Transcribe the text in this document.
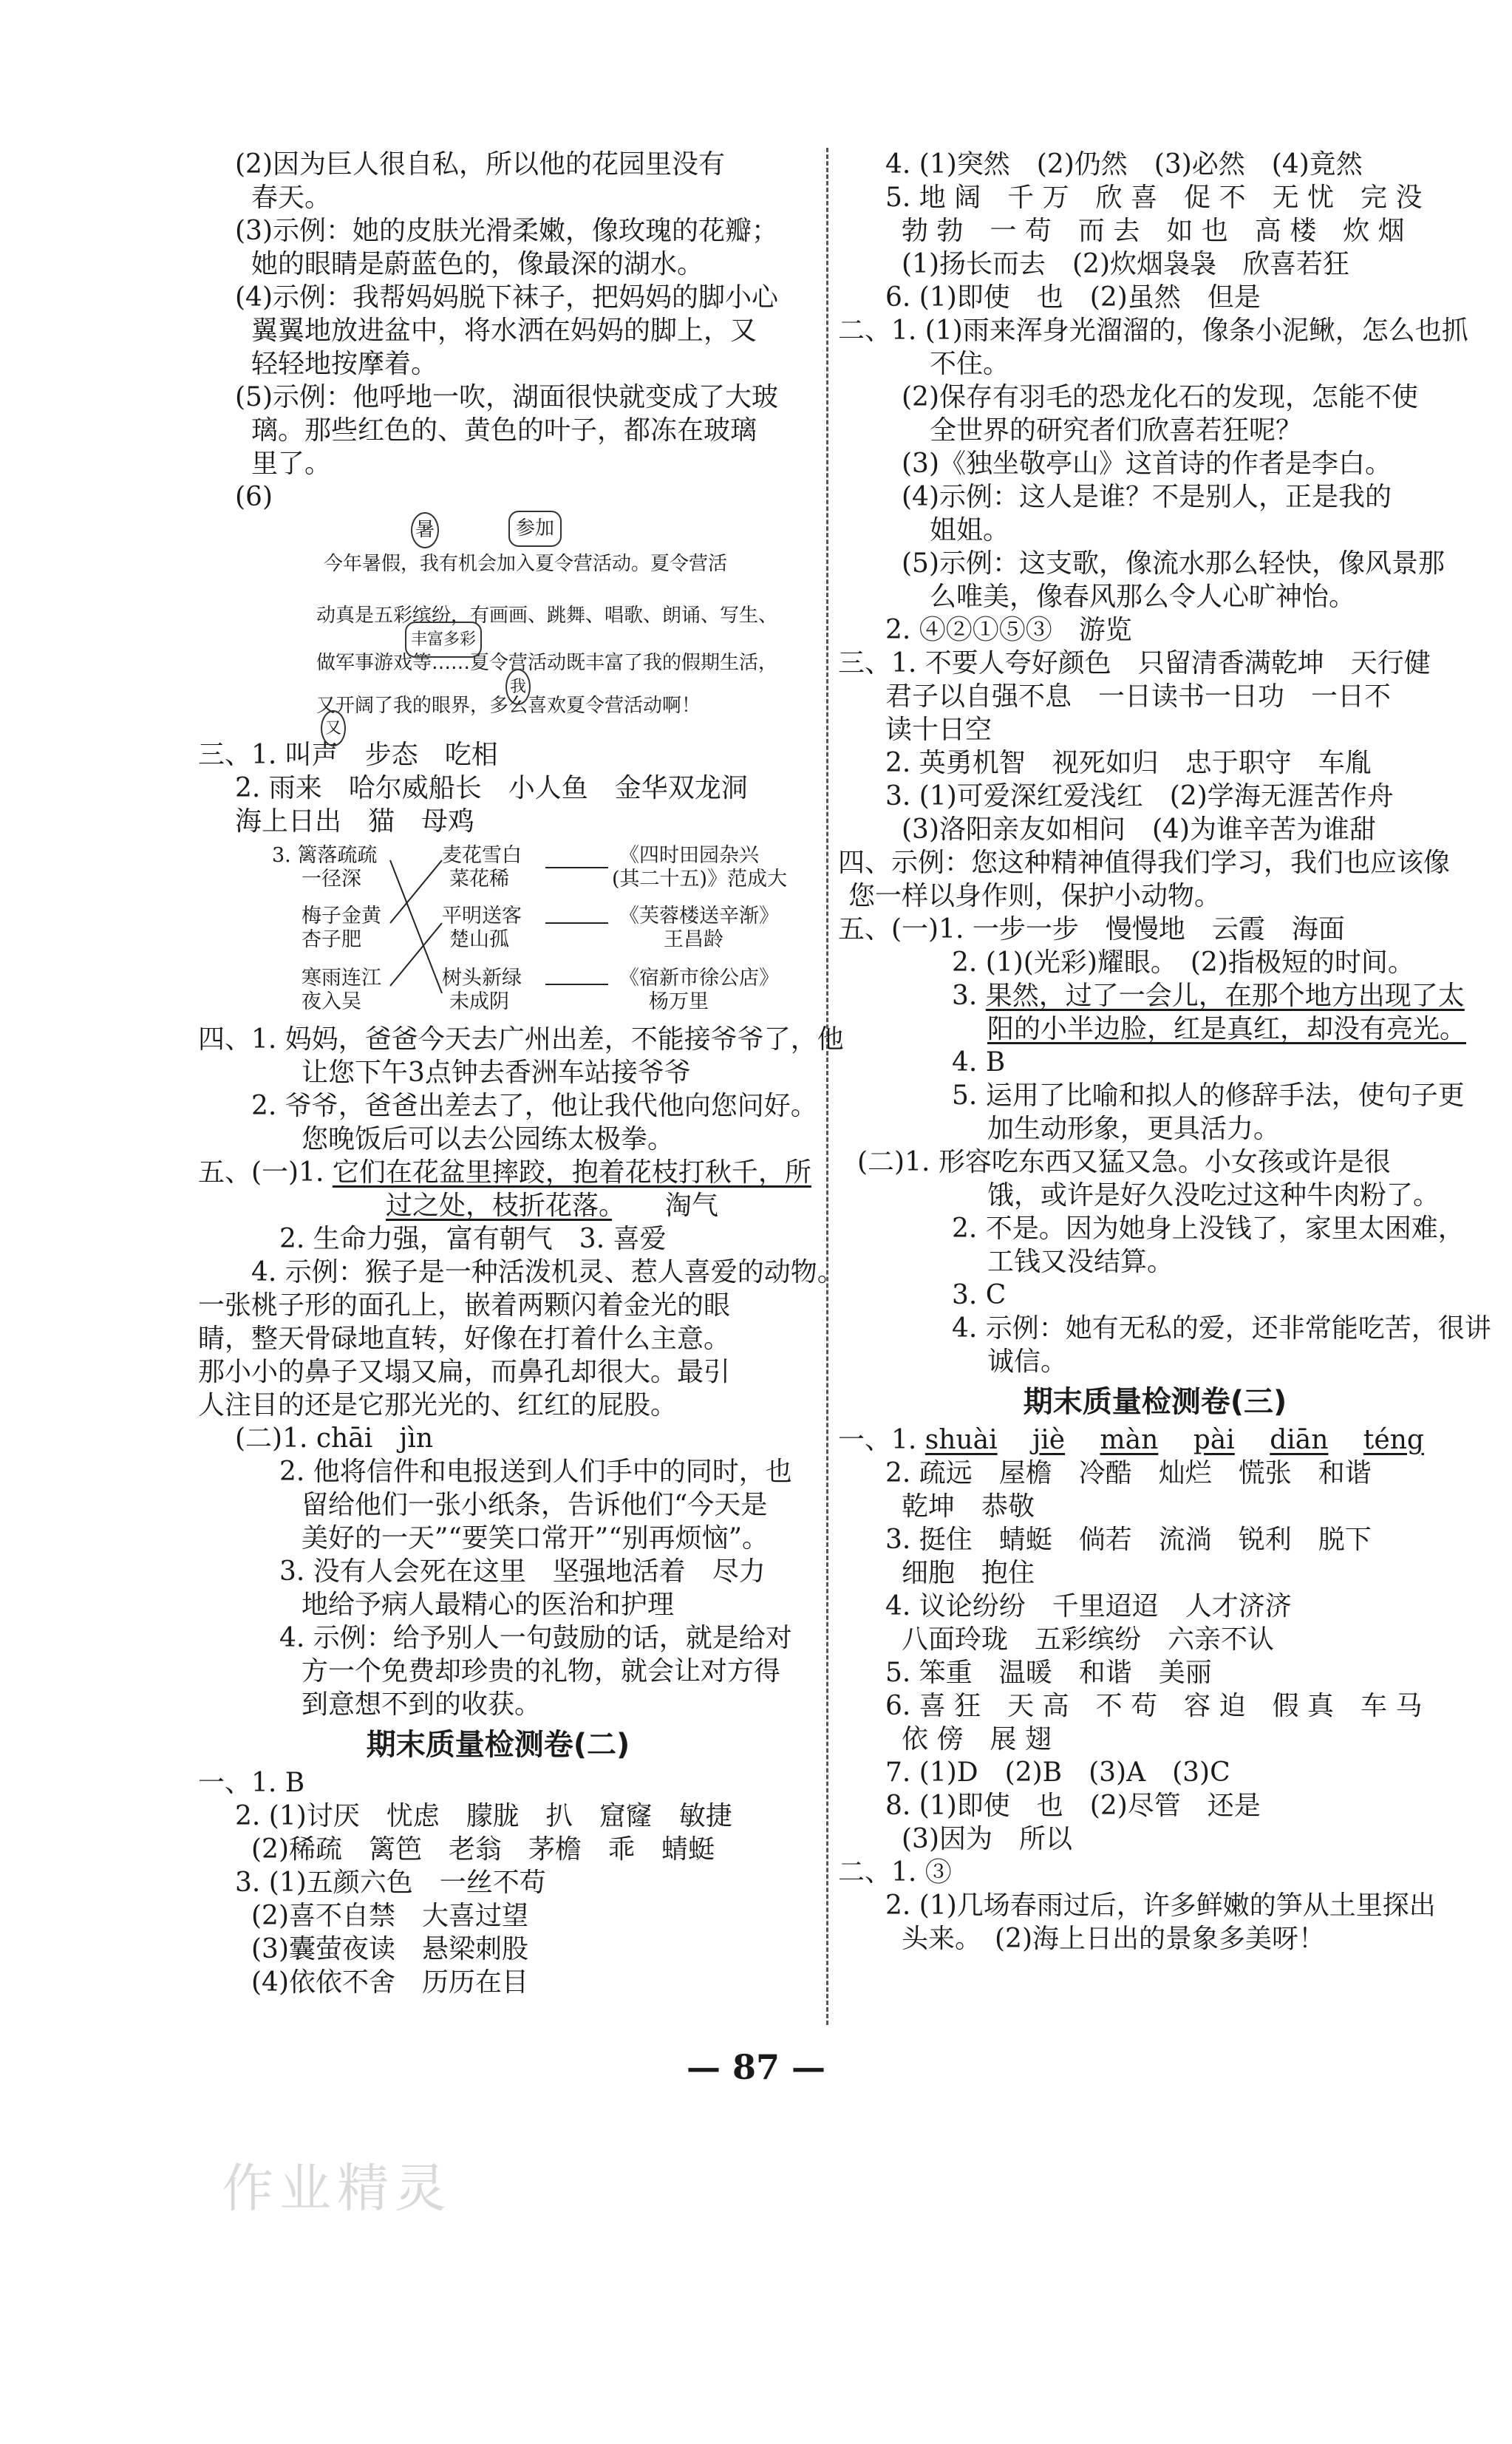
(2)因为巨人很自私，所以他的花园里没有
春天。
(3)示例：她的皮肤光滑柔嫩，像玫瑰的花瓣；
她的眼睛是蔚蓝色的，像最深的湖水。
(4)示例：我帮妈妈脱下袜子，把妈妈的脚小心
翼翼地放进盆中，将水洒在妈妈的脚上，又
轻轻地按摩着。
(5)示例：他呼地一吹，湖面很快就变成了大玻
璃。那些红色的、黄色的叶子，都冻在玻璃
里了。
(6)
今年暑假，我有机会加入夏令营活动。夏令营活
动真是五彩缤纷，有画画、跳舞、唱歌、朗诵、写生、
做军事游戏等……夏令营活动既丰富了我的假期生活，
又开阔了我的眼界，多么喜欢夏令营活动啊！
暑	参加
丰富多彩
我
又
三、1. 叫声　步态　吃相
2. 雨来　哈尔威船长　小人鱼　金华双龙洞
海上日出　猫　母鸡
3. 篱落疏疏
一径深
麦花雪白
菜花稀
《四时田园杂兴
(其二十五)》范成大
梅子金黄
杏子肥
平明送客
楚山孤
《芙蓉楼送辛渐》
王昌龄
寒雨连江
夜入吴
树头新绿
未成阴
《宿新市徐公店》
杨万里
四、1. 妈妈，爸爸今天去广州出差，不能接爷爷了，他
让您下午3点钟去香洲车站接爷爷
2. 爷爷，爸爸出差去了，他让我代他向您问好。
您晚饭后可以去公园练太极拳。
五、(一)1. 它们在花盆里摔跤，抱着花枝打秋千，所
过之处，枝折花落。　　 淘气
2. 生命力强，富有朝气　3. 喜爱
4. 示例：猴子是一种活泼机灵、惹人喜爱的动物。
一张桃子形的面孔上，嵌着两颗闪着金光的眼
睛，整天骨碌地直转，好像在打着什么主意。
那小小的鼻子又塌又扁，而鼻孔却很大。最引
人注目的还是它那光光的、红红的屁股。
(二)1. chāi　jìn
2. 他将信件和电报送到人们手中的同时，也
留给他们一张小纸条，告诉他们“今天是
美好的一天”“要笑口常开”“别再烦恼”。
3. 没有人会死在这里　坚强地活着　尽力
地给予病人最精心的医治和护理
4. 示例：给予别人一句鼓励的话，就是给对
方一个免费却珍贵的礼物，就会让对方得
到意想不到的收获。
期末质量检测卷(二)
一、1. B
2. (1)讨厌　忧虑　朦胧　扒　窟窿　敏捷
(2)稀疏　篱笆　老翁　茅檐　乖　蜻蜓
3. (1)五颜六色　一丝不苟
(2)喜不自禁　大喜过望
(3)囊萤夜读　悬梁刺股
(4)依依不舍　历历在目
4. (1)突然　(2)仍然　(3)必然　(4)竟然
5. 地 阔　千 万　欣 喜　促 不　无 忧　完 没
勃 勃　一 苟　而 去　如 也　高 楼　炊 烟
(1)扬长而去　(2)炊烟袅袅　欣喜若狂
6. (1)即使　也　(2)虽然　但是
二、1. (1)雨来浑身光溜溜的，像条小泥鳅，怎么也抓
不住。
(2)保存有羽毛的恐龙化石的发现，怎能不使
全世界的研究者们欣喜若狂呢？
(3)《独坐敬亭山》这首诗的作者是李白。
(4)示例：这人是谁？不是别人，正是我的
姐姐。
(5)示例：这支歌，像流水那么轻快，像风景那
么唯美，像春风那么令人心旷神怡。
2. ④②①⑤③　游览
三、1. 不要人夸好颜色　只留清香满乾坤　天行健
君子以自强不息　一日读书一日功　一日不
读十日空
2. 英勇机智　视死如归　忠于职守　车胤
3. (1)可爱深红爱浅红　(2)学海无涯苦作舟
(3)洛阳亲友如相问　(4)为谁辛苦为谁甜
四、示例：您这种精神值得我们学习，我们也应该像
您一样以身作则，保护小动物。
五、(一)1. 一步一步　慢慢地　云霞　海面
2. (1)(光彩)耀眼。　(2)指极短的时间。
3. 果然，过了一会儿，在那个地方出现了太
阳的小半边脸，红是真红，却没有亮光。
4. B
5. 运用了比喻和拟人的修辞手法，使句子更
加生动形象，更具活力。
(二)1. 形容吃东西又猛又急。小女孩或许是很
饿，或许是好久没吃过这种牛肉粉了。
2. 不是。因为她身上没钱了，家里太困难，
工钱又没结算。
3. C
4. 示例：她有无私的爱，还非常能吃苦，很讲
诚信。
期末质量检测卷(三)
一、1. shuài　 jiè　 màn　 pài　 diān　 téng
2. 疏远　屋檐　冷酷　灿烂　慌张　和谐
乾坤　恭敬
3. 挺住　蜻蜓　倘若　流淌　锐利　脱下
细胞　抱住
4. 议论纷纷　千里迢迢　人才济济
八面玲珑　五彩缤纷　六亲不认
5. 笨重　温暖　和谐　美丽
6. 喜 狂　天 高　不 苟　容 迫　假 真　车 马
依 傍　展 翅
7. (1)D　(2)B　(3)A　(3)C
8. (1)即使　也　(2)尽管　还是
(3)因为　所以
二、1. ③
2. (1)几场春雨过后，许多鲜嫩的笋从土里探出
头来。　(2)海上日出的景象多美呀！
— 87 —
作业精灵
